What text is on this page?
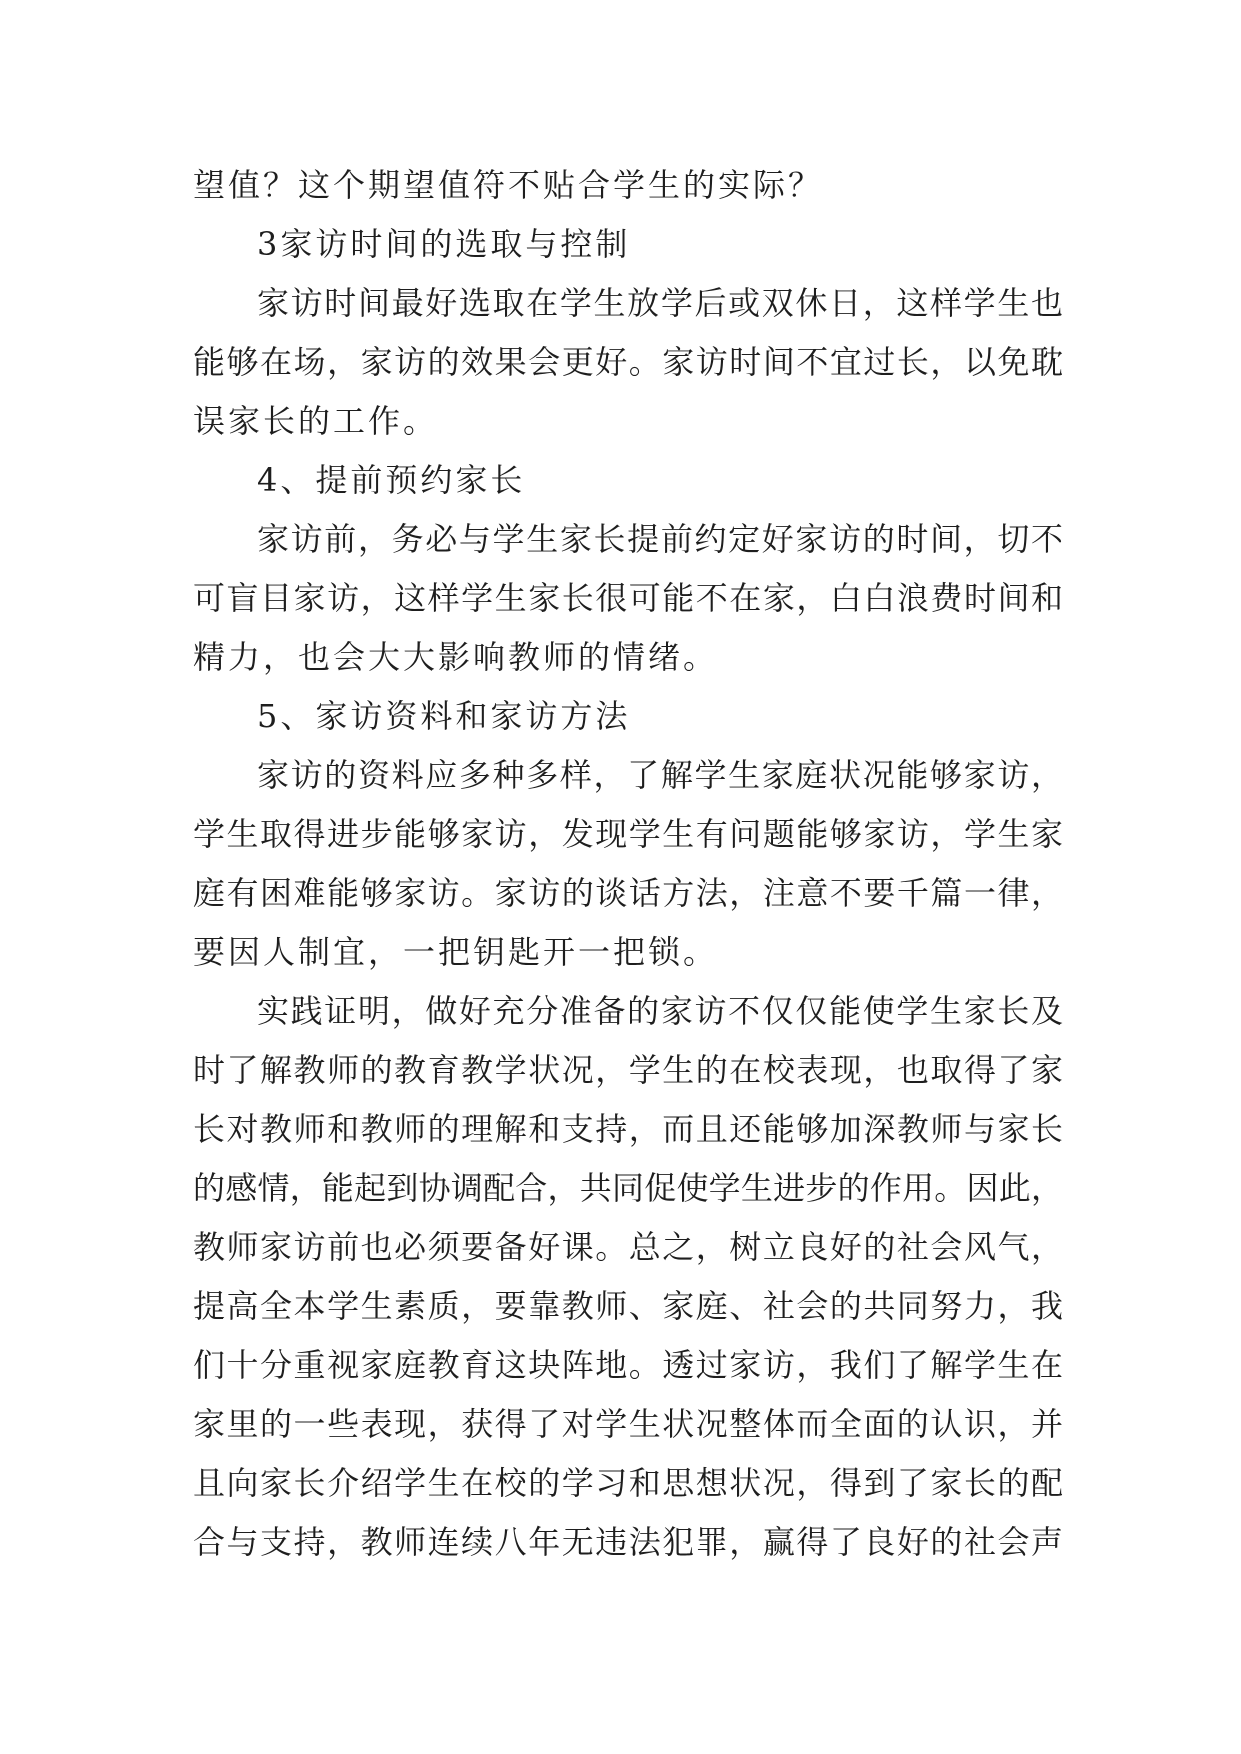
望值？这个期望值符不贴合学生的实际？
3家访时间的选取与控制
家访时间最好选取在学生放学后或双休日，这样学生也
能够在场，家访的效果会更好。家访时间不宜过长，以免耽
误家长的工作。
4、提前预约家长
家访前，务必与学生家长提前约定好家访的时间，切不
可盲目家访，这样学生家长很可能不在家，白白浪费时间和
精力，也会大大影响教师的情绪。
5、家访资料和家访方法
家访的资料应多种多样，了解学生家庭状况能够家访，
学生取得进步能够家访，发现学生有问题能够家访，学生家
庭有困难能够家访。家访的谈话方法，注意不要千篇一律，
要因人制宜，一把钥匙开一把锁。
实践证明，做好充分准备的家访不仅仅能使学生家长及
时了解教师的教育教学状况，学生的在校表现，也取得了家
长对教师和教师的理解和支持，而且还能够加深教师与家长
的感情，能起到协调配合，共同促使学生进步的作用。因此，
教师家访前也必须要备好课。总之，树立良好的社会风气，
提高全本学生素质，要靠教师、家庭、社会的共同努力，我
们十分重视家庭教育这块阵地。透过家访，我们了解学生在
家里的一些表现，获得了对学生状况整体而全面的认识，并
且向家长介绍学生在校的学习和思想状况，得到了家长的配
合与支持，教师连续八年无违法犯罪，赢得了良好的社会声
